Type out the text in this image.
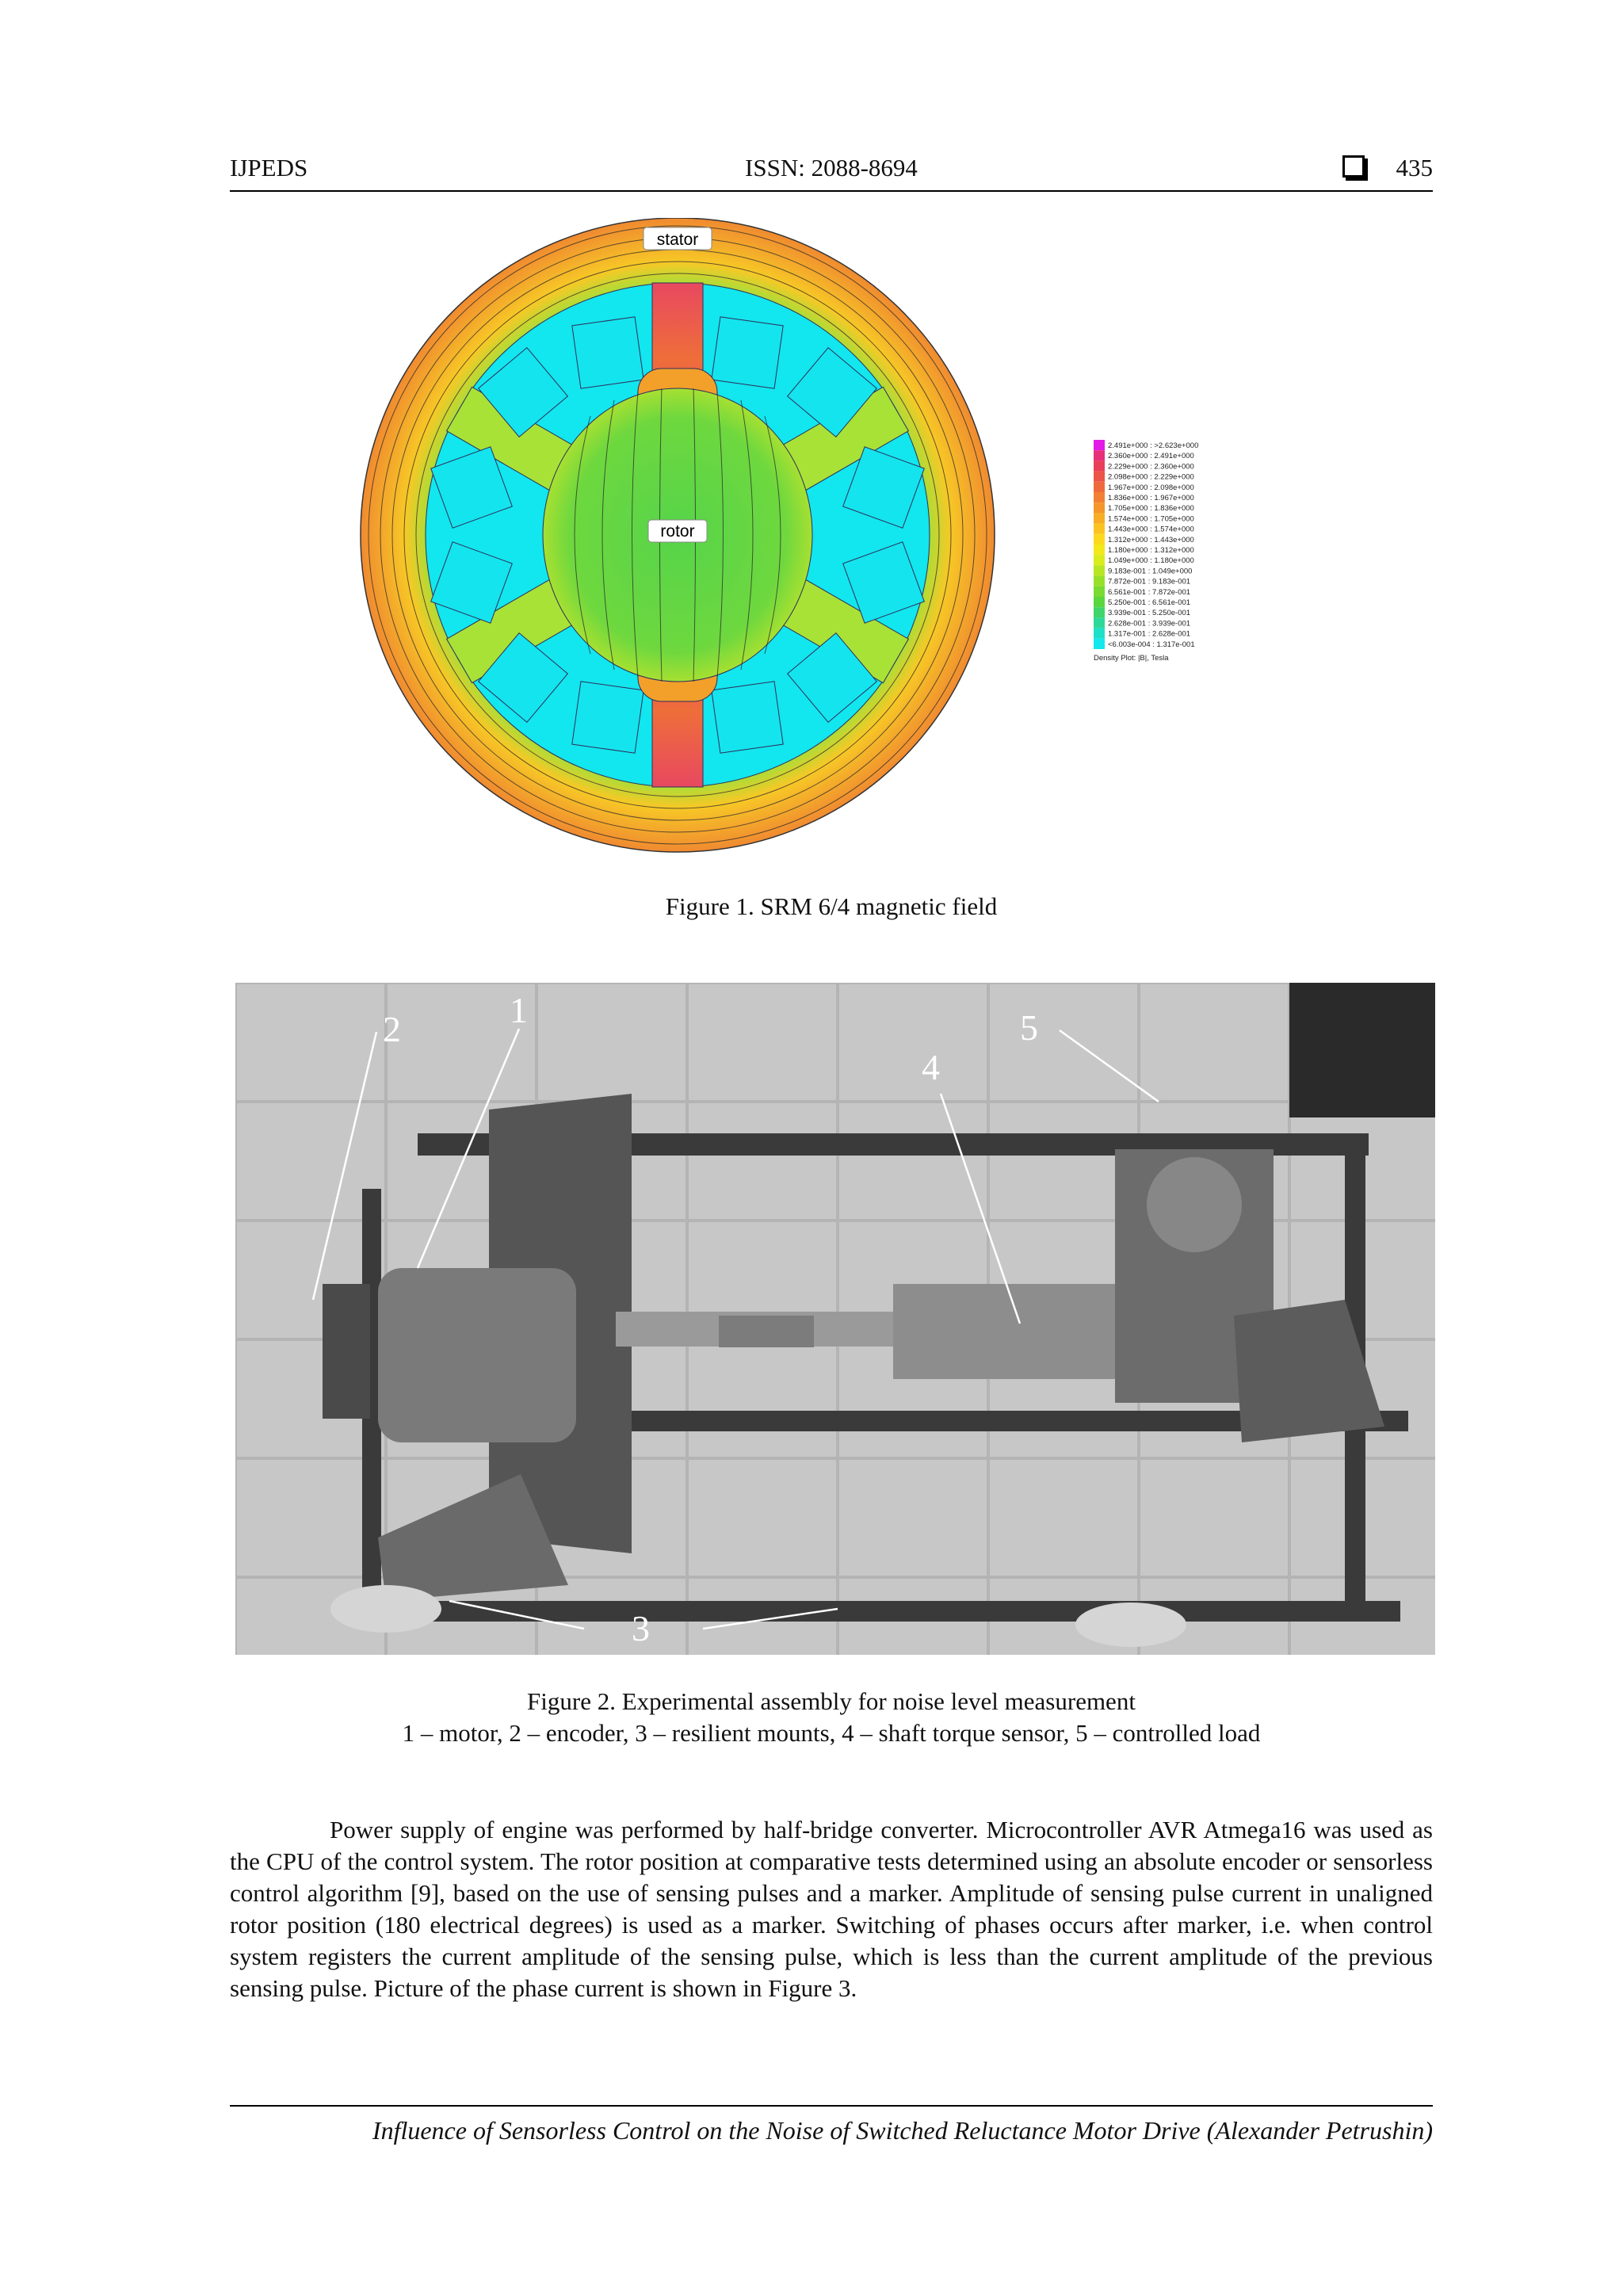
IJPEDS	ISSN: 2088-8694	435
stator
rotor
2.491e+000 : >2.623e+000
2.360e+000 : 2.491e+000
2.229e+000 : 2.360e+000
2.098e+000 : 2.229e+000
1.967e+000 : 2.098e+000
1.836e+000 : 1.967e+000
1.705e+000 : 1.836e+000
1.574e+000 : 1.705e+000
1.443e+000 : 1.574e+000
1.312e+000 : 1.443e+000
1.180e+000 : 1.312e+000
1.049e+000 : 1.180e+000
9.183e-001 : 1.049e+000
7.872e-001 : 9.183e-001
6.561e-001 : 7.872e-001
5.250e-001 : 6.561e-001
3.939e-001 : 5.250e-001
2.628e-001 : 3.939e-001
1.317e-001 : 2.628e-001
<6.003e-004 : 1.317e-001
Density Plot: |B|, Tesla
Figure 1. SRM 6/4 magnetic field
1
2
3
4
5
Figure 2. Experimental assembly for noise level measurement
1 – motor, 2 – encoder, 3 – resilient mounts, 4 – shaft torque sensor, 5 – controlled load
Power supply of engine was performed by half-bridge converter. Microcontroller AVR Atmega16 was used as the CPU of the control system. The rotor position at comparative tests determined using an absolute encoder or sensorless control algorithm [9], based on the use of sensing pulses and a marker. Amplitude of sensing pulse current in unaligned rotor position (180 electrical degrees) is used as a marker. Switching of phases occurs after marker, i.e. when control system registers the current amplitude of the sensing pulse, which is less than the current amplitude of the previous sensing pulse. Picture of the phase current is shown in Figure 3.
Influence of Sensorless Control on the Noise of Switched Reluctance Motor Drive (Alexander Petrushin)
